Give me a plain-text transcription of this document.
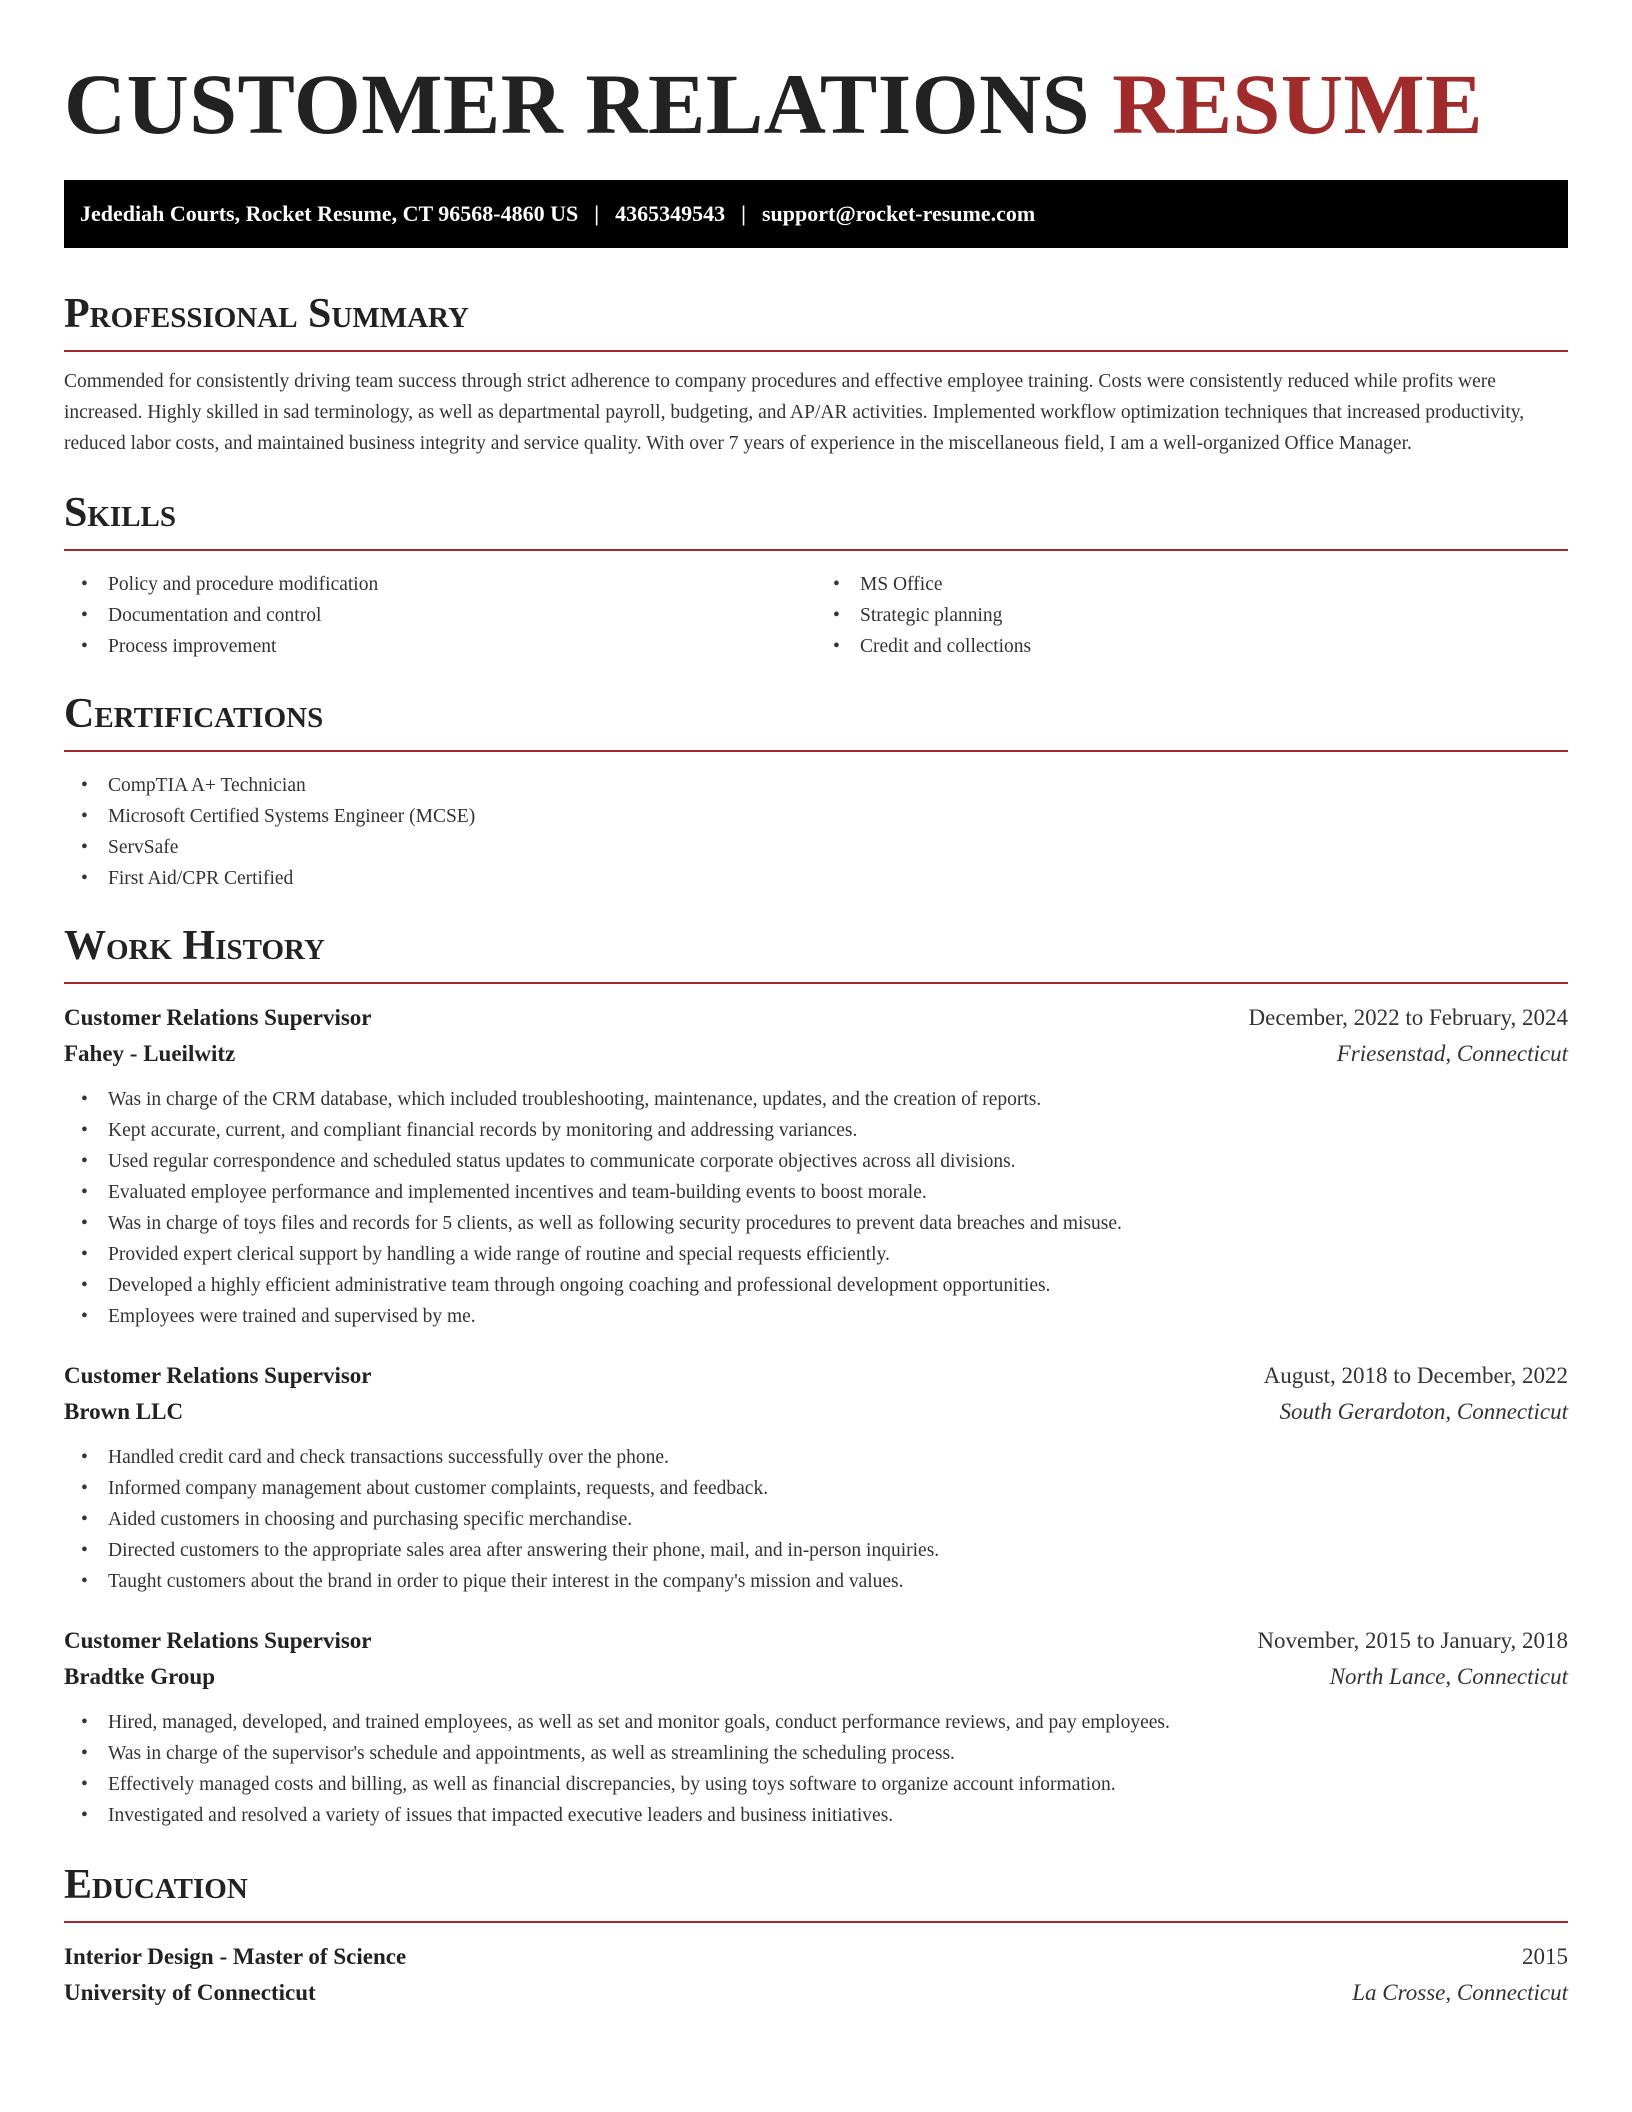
CUSTOMER RELATIONS RESUME
Jedediah Courts, Rocket Resume, CT 96568-4860 US | 4365349543 | support@rocket-resume.com
Professional Summary

Commended for consistently driving team success through strict adherence to company procedures and effective employee training. Costs were consistently reduced while profits were increased. Highly skilled in sad terminology, as well as departmental payroll, budgeting, and AP/AR activities. Implemented workflow optimization techniques that increased productivity, reduced labor costs, and maintained business integrity and service quality. With over 7 years of experience in the miscellaneous field, I am a well-organized Office Manager.

Skills
• Policy and procedure modification
• Documentation and control
• Process improvement
• MS Office
• Strategic planning
• Credit and collections
Certifications
• CompTIA A+ Technician
• Microsoft Certified Systems Engineer (MCSE)
• ServSafe
• First Aid/CPR Certified
Work History
Customer Relations Supervisor	December, 2022 to February, 2024
Fahey - Lueilwitz	Friesenstad, Connecticut
• Was in charge of the CRM database, which included troubleshooting, maintenance, updates, and the creation of reports.
• Kept accurate, current, and compliant financial records by monitoring and addressing variances.
• Used regular correspondence and scheduled status updates to communicate corporate objectives across all divisions.
• Evaluated employee performance and implemented incentives and team-building events to boost morale.
• Was in charge of toys files and records for 5 clients, as well as following security procedures to prevent data breaches and misuse.
• Provided expert clerical support by handling a wide range of routine and special requests efficiently.
• Developed a highly efficient administrative team through ongoing coaching and professional development opportunities.
• Employees were trained and supervised by me.
Customer Relations Supervisor	August, 2018 to December, 2022
Brown LLC	South Gerardoton, Connecticut
• Handled credit card and check transactions successfully over the phone.
• Informed company management about customer complaints, requests, and feedback.
• Aided customers in choosing and purchasing specific merchandise.
• Directed customers to the appropriate sales area after answering their phone, mail, and in-person inquiries.
• Taught customers about the brand in order to pique their interest in the company's mission and values.
Customer Relations Supervisor	November, 2015 to January, 2018
Bradtke Group	North Lance, Connecticut
• Hired, managed, developed, and trained employees, as well as set and monitor goals, conduct performance reviews, and pay employees.
• Was in charge of the supervisor's schedule and appointments, as well as streamlining the scheduling process.
• Effectively managed costs and billing, as well as financial discrepancies, by using toys software to organize account information.
• Investigated and resolved a variety of issues that impacted executive leaders and business initiatives.
Education
Interior Design - Master of Science	2015
University of Connecticut	La Crosse, Connecticut
